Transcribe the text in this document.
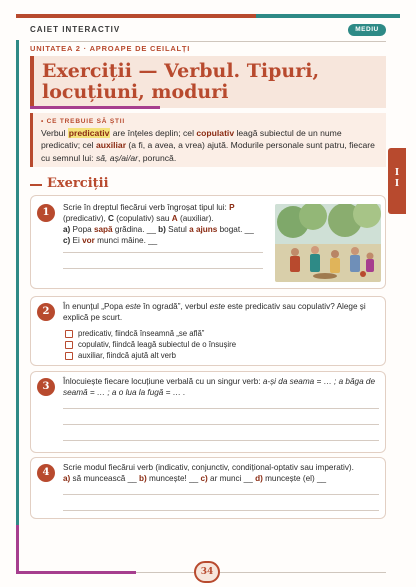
CAIET INTERACTIV	MEDIU
UNITATEA 2 · APROAPE DE CEILALȚI
Exerciții — Verbul. Tipuri, locuțiuni, moduri
• CE TREBUIE SĂ ȘTII
Verbul predicativ are înțeles deplin; cel copulativ leagă subiectul de un nume predicativ; cel auxiliar (a fi, a avea, a vrea) ajută. Modurile personale sunt patru, fiecare cu semnul lui: să, aș/ai/ar, poruncă.
I
I
Exerciții
1	Scrie în dreptul fiecărui verb îngroșat tipul lui: P (predicativ), C (copulativ) sau A (auxiliar).
a) Popa sapă grădina. __ b) Satul a ajuns bogat. __
c) Ei vor munci mâine. __
2	În enunțul „Popa este în ogradă”, verbul este este predicativ sau copulativ? Alege și explică pe scurt.
predicativ, fiindcă înseamnă „se află”
copulativ, fiindcă leagă subiectul de o însușire
auxiliar, fiindcă ajută alt verb
3	Înlocuiește fiecare locuțiune verbală cu un singur verb: a-și da seama = … ; a băga de seamă = … ; a o lua la fugă = … .
4	Scrie modul fiecărui verb (indicativ, conjunctiv, condițional-optativ sau imperativ).
a) să muncească __ b) muncește! __ c) ar munci __ d) muncește (el) __
34
